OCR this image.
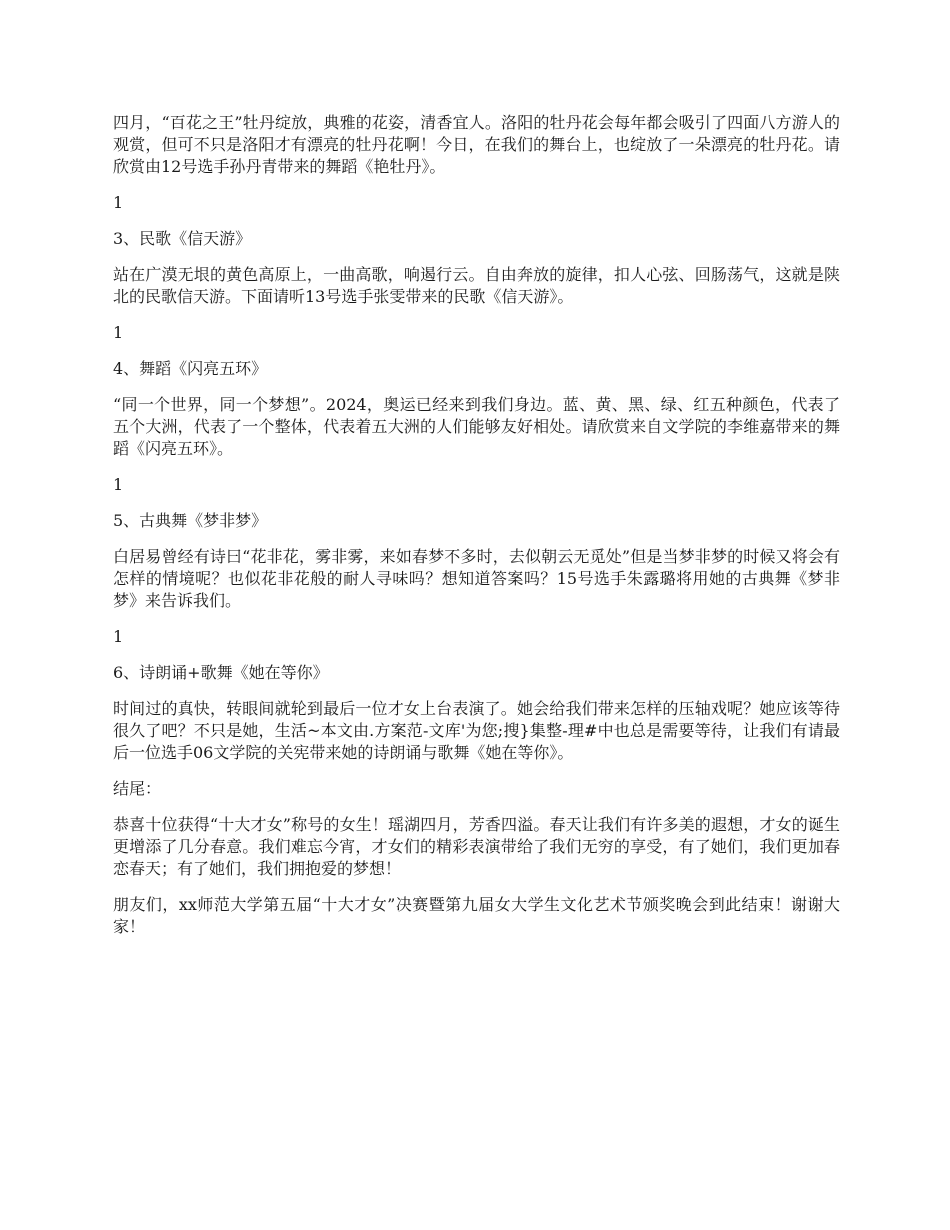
四月，“百花之王”牡丹绽放，典雅的花姿，清香宜人。洛阳的牡丹花会每年都会吸引了四面八方游人的观赏，但可不只是洛阳才有漂亮的牡丹花啊！今日，在我们的舞台上，也绽放了一朵漂亮的牡丹花。请欣赏由12号选手孙丹青带来的舞蹈《艳牡丹》。

1

3、民歌《信天游》

站在广漠无垠的黄色高原上，一曲高歌，响遏行云。自由奔放的旋律，扣人心弦、回肠荡气，这就是陕北的民歌信天游。下面请听13号选手张雯带来的民歌《信天游》。

1

4、舞蹈《闪亮五环》

“同一个世界，同一个梦想”。2024，奥运已经来到我们身边。蓝、黄、黑、绿、红五种颜色，代表了五个大洲，代表了一个整体，代表着五大洲的人们能够友好相处。请欣赏来自文学院的李维嘉带来的舞蹈《闪亮五环》。

1

5、古典舞《梦非梦》

白居易曾经有诗曰“花非花，雾非雾，来如春梦不多时，去似朝云无觅处”但是当梦非梦的时候又将会有怎样的情境呢？也似花非花般的耐人寻味吗？想知道答案吗？15号选手朱露璐将用她的古典舞《梦非梦》来告诉我们。

1

6、诗朗诵+歌舞《她在等你》

时间过的真快，转眼间就轮到最后一位才女上台表演了。她会给我们带来怎样的压轴戏呢？她应该等待很久了吧？不只是她，生活~本文由.方案范-文库'为您;搜}集整-理#中也总是需要等待，让我们有请最后一位选手06文学院的关宪带来她的诗朗诵与歌舞《她在等你》。

结尾：

恭喜十位获得“十大才女”称号的女生！瑶湖四月，芳香四溢。春天让我们有许多美的遐想，才女的诞生更增添了几分春意。我们难忘今宵，才女们的精彩表演带给了我们无穷的享受，有了她们，我们更加春恋春天；有了她们，我们拥抱爱的梦想！

朋友们，xx师范大学第五届“十大才女”决赛暨第九届女大学生文化艺术节颁奖晚会到此结束！谢谢大家！
